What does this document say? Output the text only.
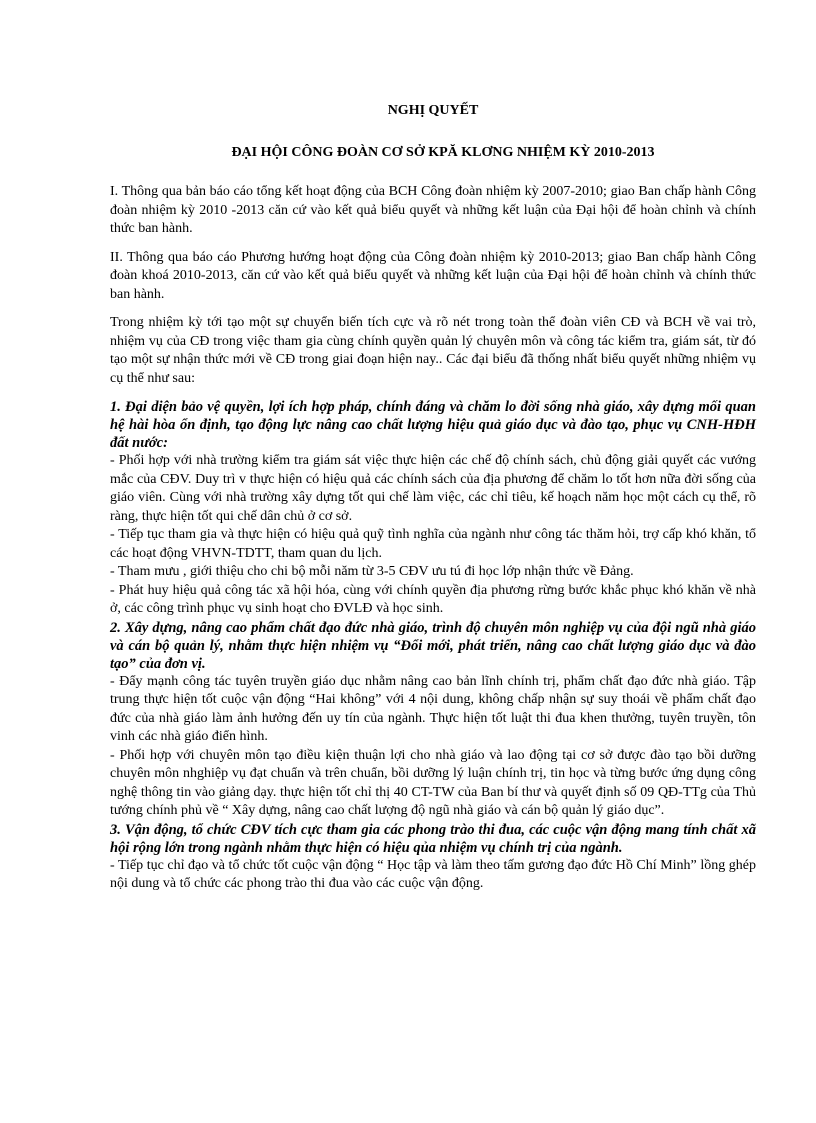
NGHỊ QUYẾT
ĐẠI HỘI CÔNG ĐOÀN CƠ SỞ KPĂ KLƠNG NHIỆM KỲ 2010-2013

I. Thông qua bản báo cáo tổng kết hoạt động của BCH Công đoàn nhiệm kỳ 2007-2010; giao Ban chấp hành Công đoàn nhiệm kỳ 2010 -2013 căn cứ vào kết quả biểu quyết và những kết luận của Đại hội để hoàn chỉnh và chính thức ban hành.

II. Thông qua báo cáo Phương hướng hoạt động của Công đoàn nhiệm kỳ 2010-2013; giao Ban chấp hành Công đoàn khoá 2010-2013, căn cứ vào kết quả biểu quyết và những kết luận của Đại hội để hoàn chỉnh và chính thức ban hành.

Trong nhiệm kỳ tới tạo một sự chuyển biến tích cực và rõ nét trong toàn thể đoàn viên CĐ và BCH về vai trò, nhiệm vụ của CĐ trong việc tham gia cùng chính quyền quản lý chuyên môn và công tác kiểm tra, giám sát, từ đó tạo một sự nhận thức mới về CĐ trong giai đoạn hiện nay.. Các đại biểu đã thống nhất biểu quyết những nhiệm vụ cụ thể như sau:

1. Đại diện bảo vệ quyền, lợi ích hợp pháp, chính đáng và chăm lo đời sống nhà giáo, xây dựng mối quan hệ hài hòa ổn định, tạo động lực nâng cao chất lượng hiệu quả giáo dục và đào tạo, phục vụ CNH-HĐH đất nước:

- Phối hợp với nhà trường kiểm tra giám sát việc thực hiện các chế độ chính sách, chủ động giải quyết các vướng mắc của CĐV. Duy trì v thực hiện có hiệu quả các chính sách của địa phương để chăm lo tốt hơn nữa đời sống của giáo viên. Cùng với nhà trường xây dựng tốt qui chế làm việc, các chỉ tiêu, kế hoạch năm học một cách cụ thể, rõ ràng, thực hiện tốt qui chế dân chủ ở cơ sở.

- Tiếp tục tham gia và thực hiện có hiệu quả quỹ tình nghĩa của ngành như công tác thăm hỏi, trợ cấp khó khăn, tổ các hoạt động VHVN-TDTT, tham quan du lịch.

- Tham mưu , giới thiệu cho chi bộ mỗi năm từ 3-5 CĐV ưu tú đi học lớp nhận thức về Đảng.

- Phát huy hiệu quả công tác xã hội hóa, cùng với chính quyền địa phương rừng bước khắc phục khó khăn về nhà ở, các công trình phục vụ sinh hoạt cho ĐVLĐ và học sinh.

2. Xây dựng, nâng cao phẩm chất đạo đức nhà giáo, trình độ chuyên môn nghiệp vụ của đội ngũ nhà giáo và cán bộ quản lý, nhằm thực hiện nhiệm vụ “Đổi mới, phát triển, nâng cao chất lượng giáo dục và đào tạo” của đơn vị.

- Đẩy mạnh công tác tuyên truyền giáo dục nhằm nâng cao bản lĩnh chính trị, phẩm chất đạo đức nhà giáo. Tập trung thực hiện tốt cuộc vận động “Hai không” với 4 nội dung, không chấp nhận sự suy thoái về phẩm chất đạo đức của nhà giáo làm ảnh hưởng đến uy tín của ngành. Thực hiện tốt luật thi đua khen thưởng, tuyên truyền, tôn vinh các nhà giáo điển hình.

- Phối hợp với chuyên môn tạo điều kiện thuận lợi cho nhà giáo và lao động tại cơ sở được đào tạo bồi dưỡng chuyên môn nhghiệp vụ đạt chuẩn và trên chuẩn, bồi dưỡng lý luận chính trị, tin học và từng bước ứng dụng công nghệ thông tin vào giảng dạy. thực hiện tốt chỉ thị 40 CT-TW của Ban bí thư và quyết định số 09 QĐ-TTg của Thủ tướng chính phủ về “ Xây dựng, nâng cao chất lượng độ ngũ nhà giáo và cán bộ quản lý giáo dục”.

3. Vận động, tổ chức CĐV tích cực tham gia các phong trào thi đua, các cuộc vận động mang tính chất xã hội rộng lớn trong ngành nhằm thực hiện có hiệu qủa nhiệm vụ chính trị của ngành.

- Tiếp tục chỉ đạo và tổ chức tốt cuộc vận động “ Học tập và làm theo tấm gương đạo đức Hồ Chí Minh” lồng ghép nội dung và tổ chức các phong trào thi đua vào các cuộc vận động.
